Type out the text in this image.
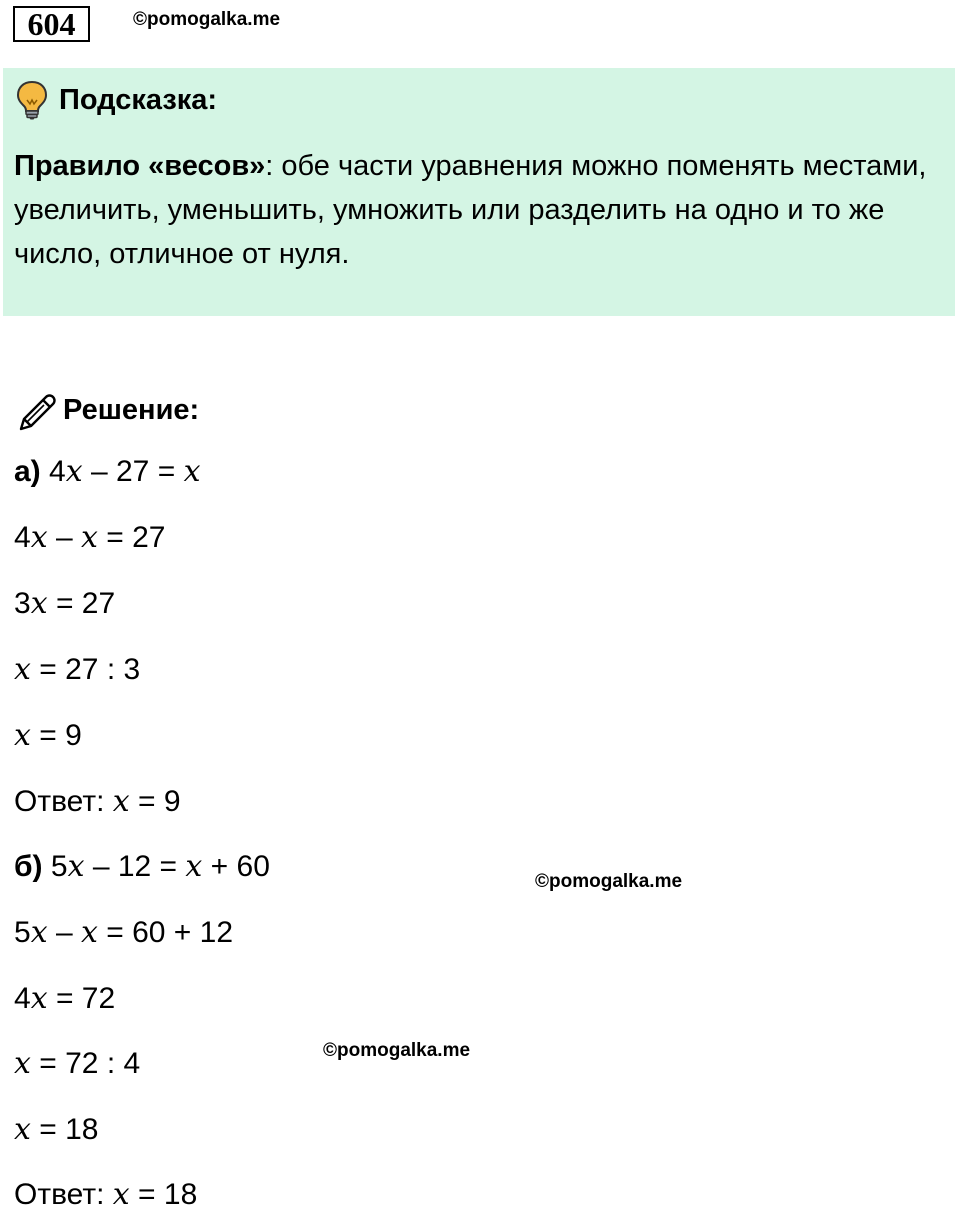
604	©pomogalka.me
Подсказка:
Правило «весов»: обе части уравнения можно поменять местами, увеличить, уменьшить, умножить или разделить на одно и то же число, отличное от нуля.
Решение:
а) 4x – 27 = x
4x – x = 27
3x = 27
x = 27 : 3
x = 9
Ответ: x = 9
б) 5x – 12 = x + 60	©pomogalka.me
5x – x = 60 + 12
4x = 72
©pomogalka.me
x = 72 : 4
x = 18
Ответ: x = 18
